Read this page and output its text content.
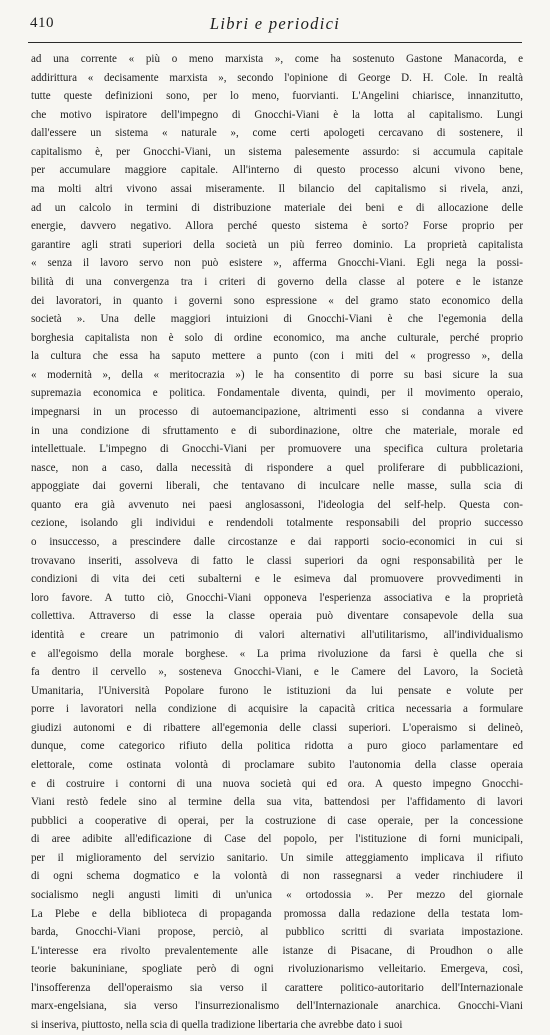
410	Libri e periodici
ad una corrente « più o meno marxista », come ha sostenuto Gastone Manacorda, e
addirittura « decisamente marxista », secondo l'opinione di George D. H. Cole. In realtà
tutte queste definizioni sono, per lo meno, fuorvianti. L'Angelini chiarisce, innanzitutto,
che motivo ispiratore dell'impegno di Gnocchi-Viani è la lotta al capitalismo. Lungi
dall'essere un sistema « naturale », come certi apologeti cercavano di sostenere, il
capitalismo è, per Gnocchi-Viani, un sistema palesemente assurdo: si accumula capitale
per accumulare maggiore capitale. All'interno di questo processo alcuni vivono bene,
ma molti altri vivono assai miseramente. Il bilancio del capitalismo si rivela, anzi,
ad un calcolo in termini di distribuzione materiale dei beni e di allocazione delle
energie, davvero negativo. Allora perché questo sistema è sorto? Forse proprio per
garantire agli strati superiori della società un più ferreo dominio. La proprietà capitalista
« senza il lavoro servo non può esistere », afferma Gnocchi-Viani. Egli nega la possi-
bilità di una convergenza tra i criteri di governo della classe al potere e le istanze
dei lavoratori, in quanto i governi sono espressione « del gramo stato economico della
società ». Una delle maggiori intuizioni di Gnocchi-Viani è che l'egemonia della
borghesia capitalista non è solo di ordine economico, ma anche culturale, perché proprio
la cultura che essa ha saputo mettere a punto (con i miti del « progresso », della
« modernità », della « meritocrazia ») le ha consentito di porre su basi sicure la sua
supremazia economica e politica. Fondamentale diventa, quindi, per il movimento operaio,
impegnarsi in un processo di autoemancipazione, altrimenti esso si condanna a vivere
in una condizione di sfruttamento e di subordinazione, oltre che materiale, morale ed
intellettuale. L'impegno di Gnocchi-Viani per promuovere una specifica cultura proletaria
nasce, non a caso, dalla necessità di rispondere a quel proliferare di pubblicazioni,
appoggiate dai governi liberali, che tentavano di inculcare nelle masse, sulla scia di
quanto era già avvenuto nei paesi anglosassoni, l'ideologia del self-help. Questa con-
cezione, isolando gli individui e rendendoli totalmente responsabili del proprio successo
o insuccesso, a prescindere dalle circostanze e dai rapporti socio-economici in cui si
trovavano inseriti, assolveva di fatto le classi superiori da ogni responsabilità per le
condizioni di vita dei ceti subalterni e le esimeva dal promuovere provvedimenti in
loro favore. A tutto ciò, Gnocchi-Viani opponeva l'esperienza associativa e la proprietà
collettiva. Attraverso di esse la classe operaia può diventare consapevole della sua
identità e creare un patrimonio di valori alternativi all'utilitarismo, all'individualismo
e all'egoismo della morale borghese. « La prima rivoluzione da farsi è quella che si
fa dentro il cervello », sosteneva Gnocchi-Viani, e le Camere del Lavoro, la Società
Umanitaria, l'Università Popolare furono le istituzioni da lui pensate e volute per
porre i lavoratori nella condizione di acquisire la capacità critica necessaria a formulare
giudizi autonomi e di ribattere all'egemonia delle classi superiori. L'operaismo si delineò,
dunque, come categorico rifiuto della politica ridotta a puro gioco parlamentare ed
elettorale, come ostinata volontà di proclamare subito l'autonomia della classe operaia
e di costruire i contorni di una nuova società qui ed ora. A questo impegno Gnocchi-
Viani restò fedele sino al termine della sua vita, battendosi per l'affidamento di lavori
pubblici a cooperative di operai, per la costruzione di case operaie, per la concessione
di aree adibite all'edificazione di Case del popolo, per l'istituzione di forni municipali,
per il miglioramento del servizio sanitario. Un simile atteggiamento implicava il rifiuto
di ogni schema dogmatico e la volontà di non rassegnarsi a veder rinchiudere il
socialismo negli angusti limiti di un'unica « ortodossia ». Per mezzo del giornale
La Plebe e della biblioteca di propaganda promossa dalla redazione della testata lom-
barda, Gnocchi-Viani propose, perciò, al pubblico scritti di svariata impostazione.
L'interesse era rivolto prevalentemente alle istanze di Pisacane, di Proudhon o alle
teorie bakuniniane, spogliate però di ogni rivoluzionarismo velleitario. Emergeva, così,
l'insofferenza dell'operaismo sia verso il carattere politico-autoritario dell'Internazionale
marx-engelsiana, sia verso l'insurrezionalismo dell'Internazionale anarchica. Gnocchi-Viani
si inseriva, piuttosto, nella scia di quella tradizione libertaria che avrebbe dato i suoi
